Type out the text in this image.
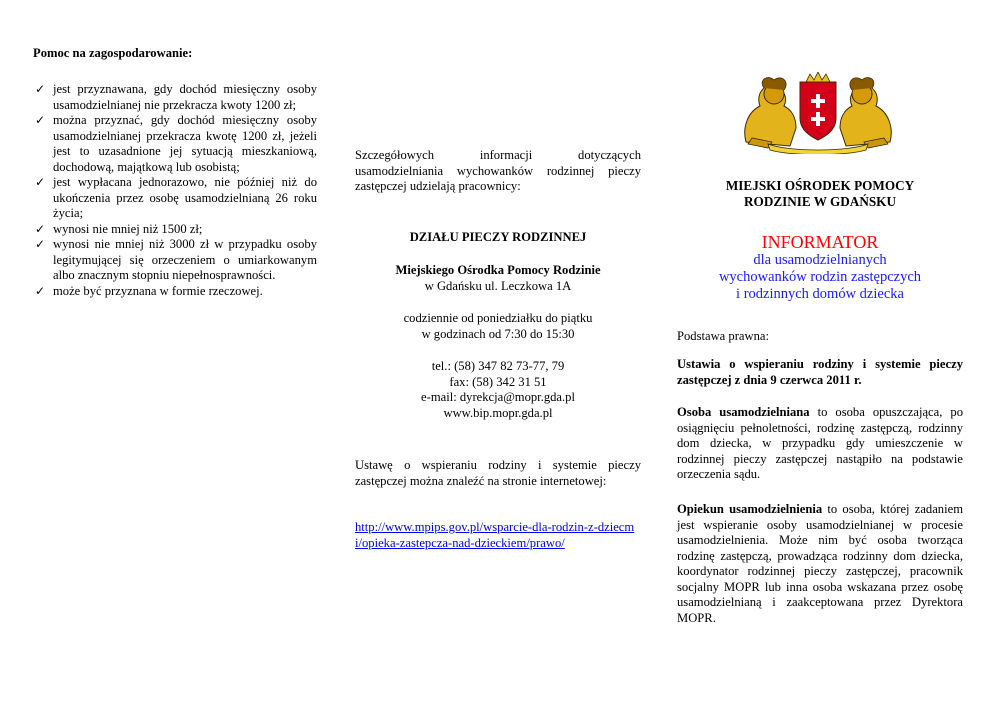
Pomoc na zagospodarowanie:
✓ jest przyznawana, gdy dochód miesięczny osoby usamodzielnianej nie przekracza kwoty 1200 zł;
✓ można przyznać, gdy dochód miesięczny osoby usamodzielnianej przekracza kwotę 1200 zł, jeżeli jest to uzasadnione jej sytuacją mieszkaniową, dochodową, majątkową lub osobistą;
✓ jest wypłacana jednorazowo, nie później niż do ukończenia przez osobę usamodzielnianą 26 roku życia;
✓ wynosi nie mniej niż 1500 zł;
✓ wynosi nie mniej niż 3000 zł w przypadku osoby legitymującej się orzeczeniem o umiarkowanym albo znacznym stopniu niepełnosprawności.
✓ może być przyznana w formie rzeczowej.
Szczegółowych informacji dotyczących usamodzielniania wychowanków rodzinnej pieczy zastępczej udzielają pracownicy:
DZIAŁU PIECZY RODZINNEJ
Miejskiego Ośrodka Pomocy Rodzinie
w Gdańsku ul. Leczkowa 1A
codziennie od poniedziałku do piątku
w godzinach od 7:30 do 15:30
tel.: (58) 347 82 73-77, 79
fax: (58) 342 31 51
e-mail: dyrekcja@mopr.gda.pl
www.bip.mopr.gda.pl
Ustawę o wspieraniu rodziny i systemie pieczy zastępczej można znaleźć na stronie internetowej:
http://www.mpips.gov.pl/wsparcie-dla-rodzin-z-dziecmi/opieka-zastepcza-nad-dzieckiem/prawo/
MIEJSKI OŚRODEK POMOCY
RODZINIE W GDAŃSKU
INFORMATOR
dla usamodzielnianych
wychowanków rodzin zastępczych
i rodzinnych domów dziecka
Podstawa prawna:
Ustawia o wspieraniu rodziny i systemie pieczy zastępczej z dnia 9 czerwca 2011 r.
Osoba usamodzielniana to osoba opuszczająca, po osiągnięciu pełnoletności, rodzinę zastępczą, rodzinny dom dziecka, w przypadku gdy umieszczenie w rodzinnej pieczy zastępczej nastąpiło na podstawie orzeczenia sądu.
Opiekun usamodzielnienia to osoba, której zadaniem jest wspieranie osoby usamodzielnianej w procesie usamodzielnienia. Może nim być osoba tworząca rodzinę zastępczą, prowadząca rodzinny dom dziecka, koordynator rodzinnej pieczy zastępczej, pracownik socjalny MOPR lub inna osoba wskazana przez osobę usamodzielnianą i zaakceptowana przez Dyrektora MOPR.
